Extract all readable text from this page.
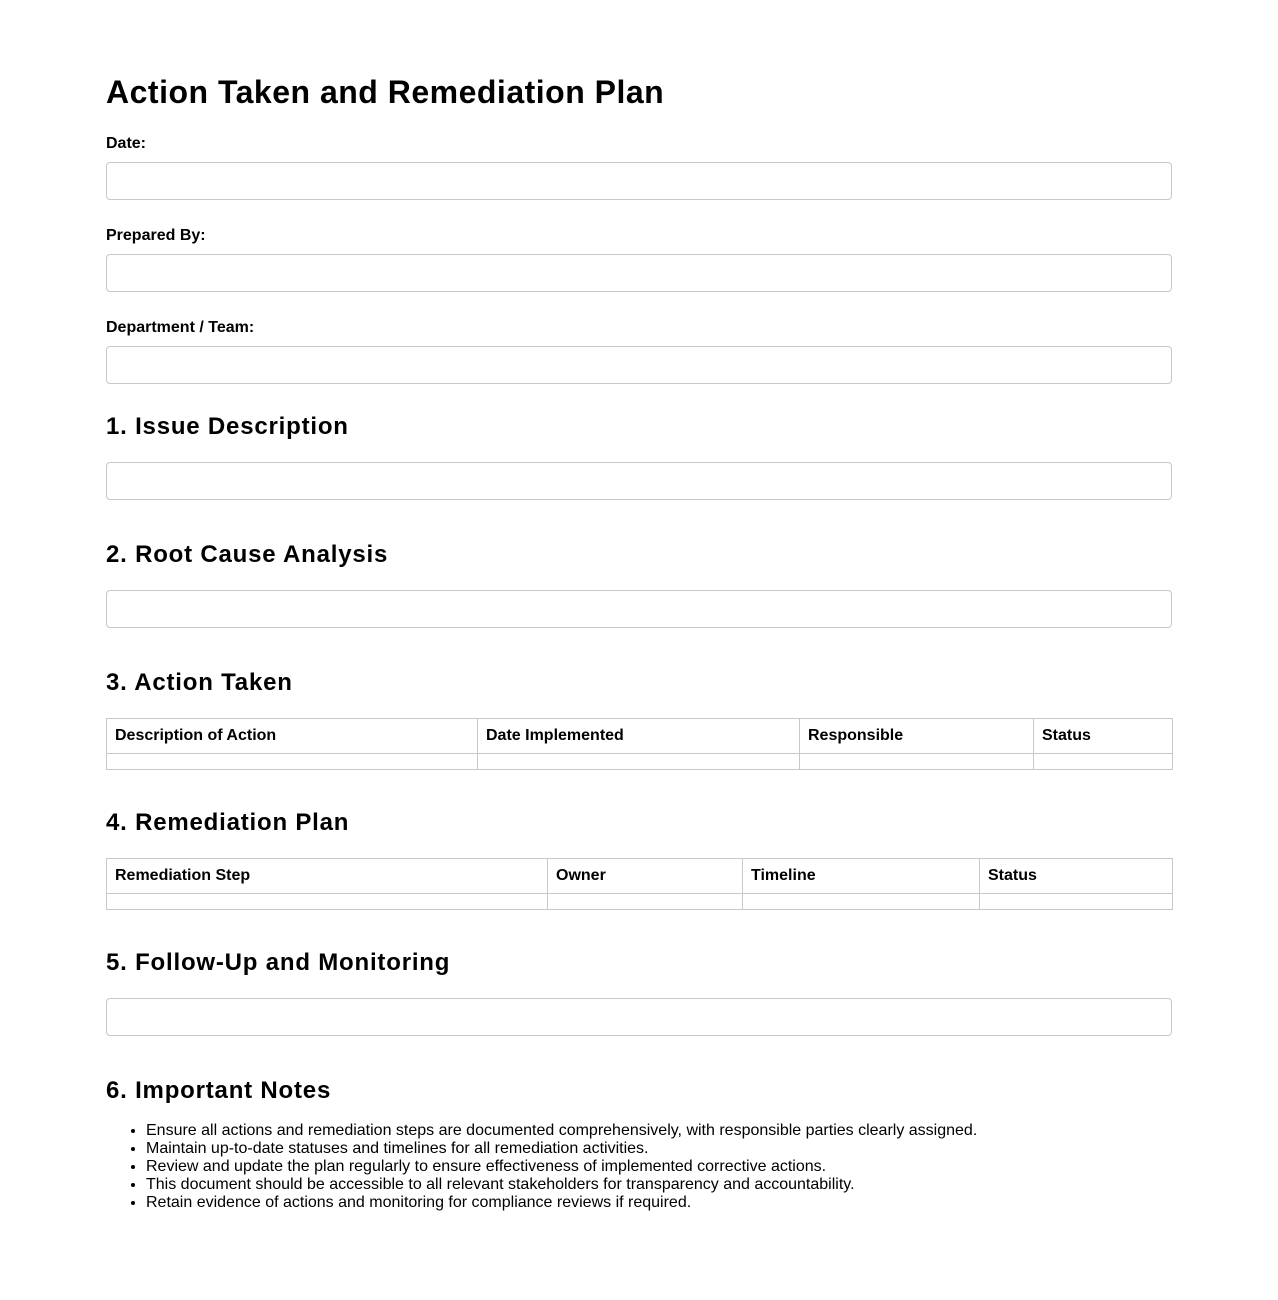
Action Taken and Remediation Plan
Date:
Prepared By:
Department / Team:
1. Issue Description
2. Root Cause Analysis
3. Action Taken
Description of Action	Date Implemented	Responsible	Status

4. Remediation Plan
Remediation Step	Owner	Timeline	Status

5. Follow-Up and Monitoring
6. Important Notes
• Ensure all actions and remediation steps are documented comprehensively, with responsible parties clearly assigned.
• Maintain up-to-date statuses and timelines for all remediation activities.
• Review and update the plan regularly to ensure effectiveness of implemented corrective actions.
• This document should be accessible to all relevant stakeholders for transparency and accountability.
• Retain evidence of actions and monitoring for compliance reviews if required.
